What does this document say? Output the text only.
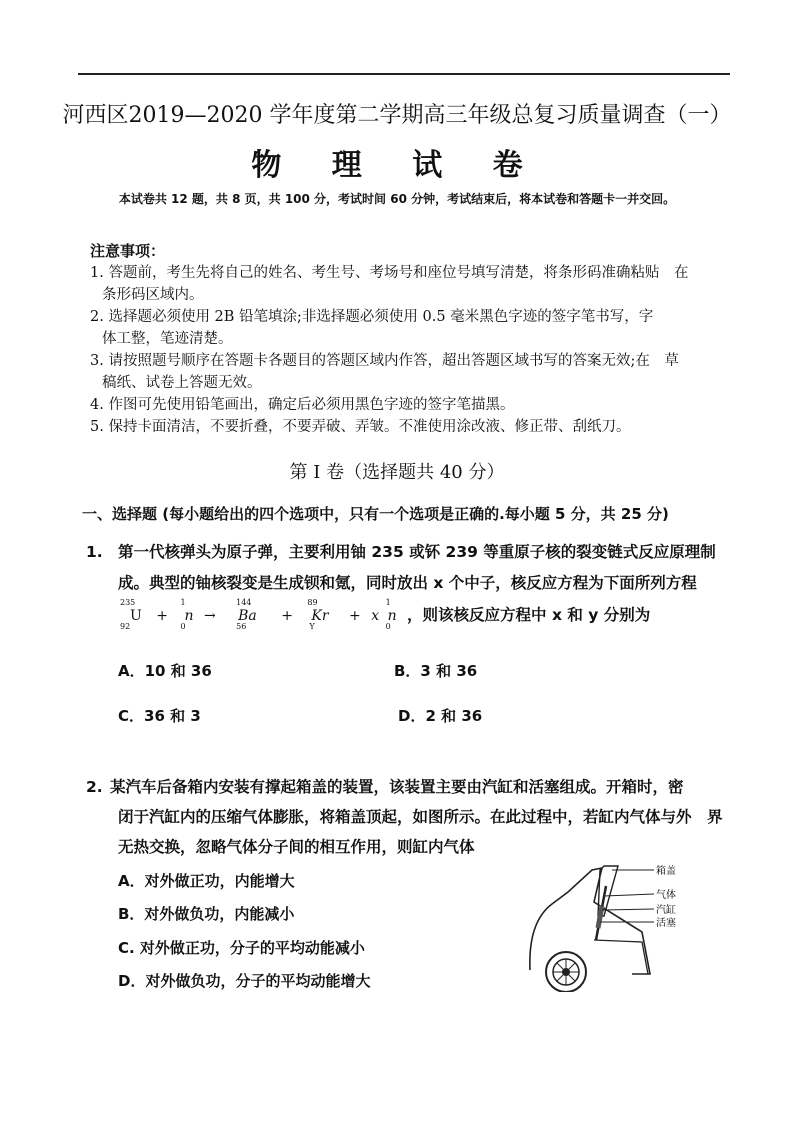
河西区2019—2020 学年度第二学期高三年级总复习质量调查（一）
物 理 试 卷
本试卷共 12 题，共 8 页，共 100 分，考试时间 60 分钟，考试结束后，将本试卷和答题卡一并交回。
注意事项：
1. 答题前，考生先将自己的姓名、考生号、考场号和座位号填写清楚，将条形码准确粘贴　在
条形码区域内。
2. 选择题必须使用 2B 铅笔填涂;非选择题必须使用 0.5 毫米黑色字迹的签字笔书写，字
体工整，笔迹清楚。
3. 请按照题号顺序在答题卡各题目的答题区域内作答，超出答题区域书写的答案无效;在　草
稿纸、试卷上答题无效。
4. 作图可先使用铅笔画出，确定后必须用黑色字迹的签字笔描黑。
5. 保持卡面清洁，不要折叠，不要弄破、弄皱。不准使用涂改液、修正带、刮纸刀。
第 I 卷（选择题共 40 分）
一、选择题 (每小题给出的四个选项中，只有一个选项是正确的.每小题 5 分，共 25 分)
1. 第一代核弹头为原子弹，主要利用铀 235 或钚 239 等重原子核的裂变链式反应原理制
成。典型的铀核裂变是生成钡和氪，同时放出 x 个中子，核反应方程为下面所列方程
235
92
U +
1
0
n →
144
56
Ba +
89
Y
Kr + x
1
0
n ，则该核反应方程中 x 和 y 分别为
A．10 和 36	B．3 和 36
C．36 和 3	D．2 和 36
2. 某汽车后备箱内安装有撑起箱盖的装置，该装置主要由汽缸和活塞组成。开箱时，密
闭于汽缸内的压缩气体膨胀，将箱盖顶起，如图所示。在此过程中，若缸内气体与外　界
无热交换，忽略气体分子间的相互作用，则缸内气体
A．对外做正功，内能增大
B．对外做负功，内能减小
C. 对外做正功，分子的平均动能减小
D．对外做负功，分子的平均动能增大
箱盖
气体
汽缸
活塞
